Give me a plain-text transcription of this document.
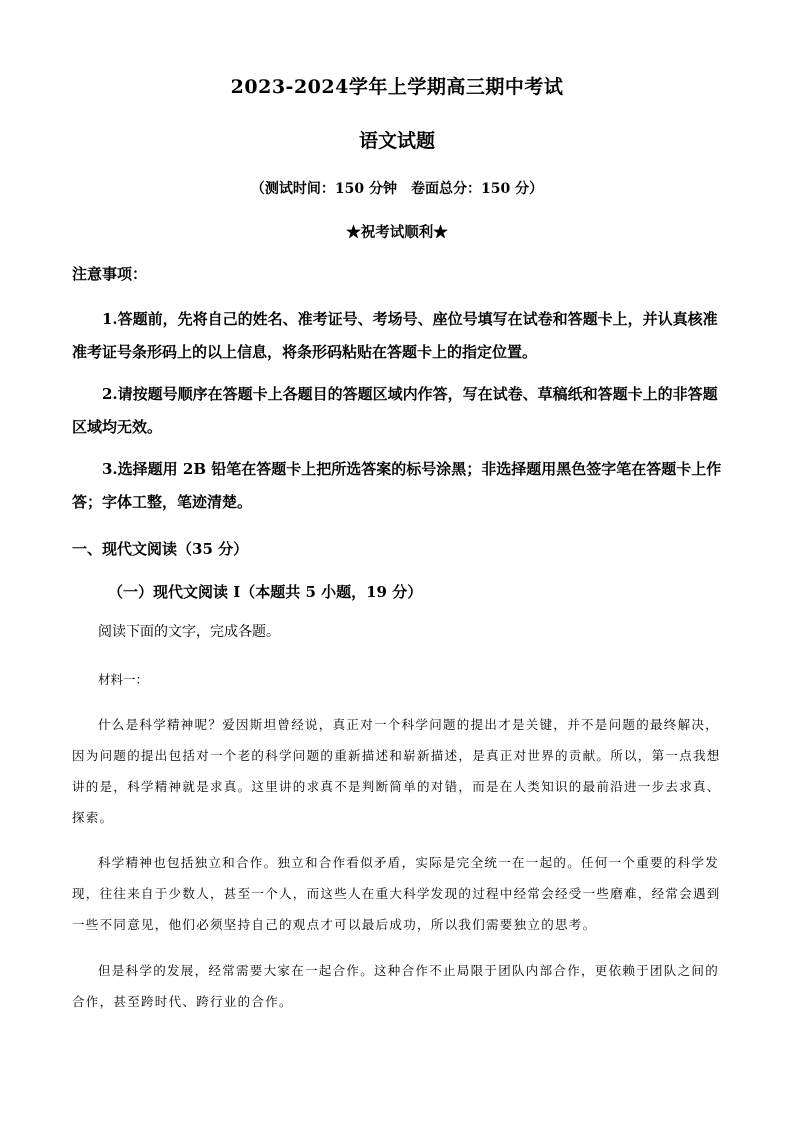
2023-2024学年上学期高三期中考试
语文试题
（测试时间：150 分钟　卷面总分：150 分）
★祝考试顺利★

注意事项：

1.答题前，先将自己的姓名、准考证号、考场号、座位号填写在试卷和答题卡上，并认真核准准考证号条形码上的以上信息，将条形码粘贴在答题卡上的指定位置。

2.请按题号顺序在答题卡上各题目的答题区域内作答，写在试卷、草稿纸和答题卡上的非答题区域均无效。

3.选择题用 2B 铅笔在答题卡上把所选答案的标号涂黑；非选择题用黑色签字笔在答题卡上作答；字体工整，笔迹清楚。

一、现代文阅读（35 分）

（一）现代文阅读 I（本题共 5 小题，19 分）

阅读下面的文字，完成各题。

材料一：

什么是科学精神呢？爱因斯坦曾经说，真正对一个科学问题的提出才是关键，并不是问题的最终解决，因为问题的提出包括对一个老的科学问题的重新描述和崭新描述，是真正对世界的贡献。所以，第一点我想讲的是，科学精神就是求真。这里讲的求真不是判断简单的对错，而是在人类知识的最前沿进一步去求真、探索。

科学精神也包括独立和合作。独立和合作看似矛盾，实际是完全统一在一起的。任何一个重要的科学发现，往往来自于少数人，甚至一个人，而这些人在重大科学发现的过程中经常会经受一些磨难，经常会遇到一些不同意见，他们必须坚持自己的观点才可以最后成功，所以我们需要独立的思考。

但是科学的发展，经常需要大家在一起合作。这种合作不止局限于团队内部合作，更依赖于团队之间的合作，甚至跨时代、跨行业的合作。
